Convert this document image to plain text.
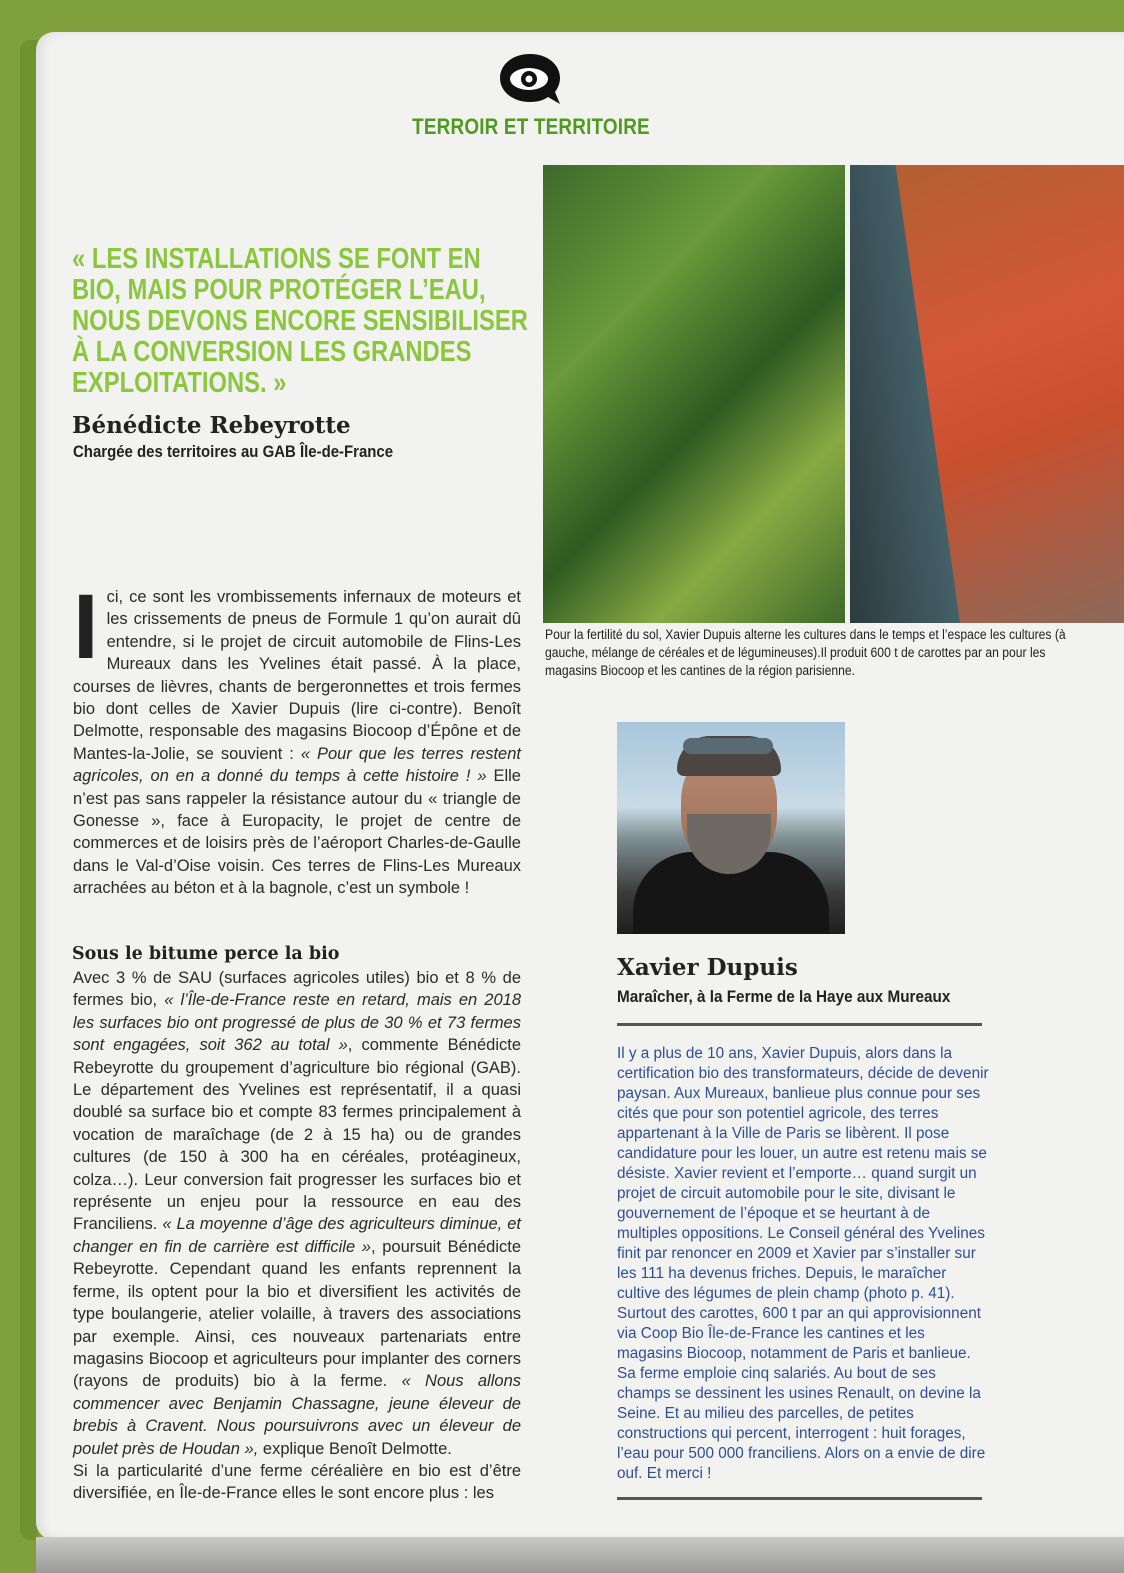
TERROIR ET TERRITOIRE
« LES INSTALLATIONS SE FONT EN BIO, MAIS POUR PROTÉGER L’EAU, NOUS DEVONS ENCORE SENSIBILISER À LA CONVERSION LES GRANDES EXPLOITATIONS. »
Bénédicte Rebeyrotte
Chargée des territoires au GAB Île-de-France
Pour la fertilité du sol, Xavier Dupuis alterne les cultures dans le temps et l’espace les cultures (à gauche, mélange de céréales et de légumineuses).Il produit 600 t de carottes par an pour les magasins Biocoop et les cantines de la région parisienne.
Ici, ce sont les vrombissements infernaux de moteurs et les crissements de pneus de Formule 1 qu’on aurait dû entendre, si le projet de circuit automobile de Flins-Les Mureaux dans les Yvelines était passé. À la place, courses de lièvres, chants de bergeronnettes et trois fermes bio dont celles de Xavier Dupuis (lire ci-contre). Benoît Delmotte, responsable des magasins Biocoop d’Épône et de Mantes-la-Jolie, se souvient : « Pour que les terres restent agricoles, on en a donné du temps à cette histoire ! » Elle n’est pas sans rappeler la résistance autour du « triangle de Gonesse », face à Europacity, le projet de centre de commerces et de loisirs près de l’aéroport Charles-de-Gaulle dans le Val-d’Oise voisin. Ces terres de Flins-Les Mureaux arrachées au béton et à la bagnole, c’est un symbole !
Sous le bitume perce la bio
Avec 3 % de SAU (surfaces agricoles utiles) bio et 8 % de fermes bio, « l’Île-de-France reste en retard, mais en 2018 les surfaces bio ont progressé de plus de 30 % et 73 fermes sont engagées, soit 362 au total », commente Bénédicte Rebeyrotte du groupement d’agriculture bio régional (GAB). Le département des Yvelines est représentatif, il a quasi doublé sa surface bio et compte 83 fermes principalement à vocation de maraîchage (de 2 à 15 ha) ou de grandes cultures (de 150 à 300 ha en céréales, protéagineux, colza…). Leur conversion fait progresser les surfaces bio et représente un enjeu pour la ressource en eau des Franciliens. « La moyenne d’âge des agriculteurs diminue, et changer en fin de carrière est difficile », poursuit Bénédicte Rebeyrotte. Cependant quand les enfants reprennent la ferme, ils optent pour la bio et diversifient les activités de type boulangerie, atelier volaille, à travers des associations par exemple. Ainsi, ces nouveaux partenariats entre magasins Biocoop et agriculteurs pour implanter des corners (rayons de produits) bio à la ferme. « Nous allons commencer avec Benjamin Chassagne, jeune éleveur de brebis à Cravent. Nous poursuivrons avec un éleveur de poulet près de Houdan », explique Benoît Delmotte.
Si la particularité d’une ferme céréalière en bio est d’être diversifiée, en Île-de-France elles le sont encore plus : les
Xavier Dupuis
Maraîcher, à la Ferme de la Haye aux Mureaux
Il y a plus de 10 ans, Xavier Dupuis, alors dans la certification bio des transformateurs, décide de devenir paysan. Aux Mureaux, banlieue plus connue pour ses cités que pour son potentiel agricole, des terres appartenant à la Ville de Paris se libèrent. Il pose candidature pour les louer, un autre est retenu mais se désiste. Xavier revient et l’emporte… quand surgit un projet de circuit automobile pour le site, divisant le gouvernement de l’époque et se heurtant à de multiples oppositions. Le Conseil général des Yvelines finit par renoncer en 2009 et Xavier par s’installer sur les 111 ha devenus friches. Depuis, le maraîcher cultive des légumes de plein champ (photo p. 41). Surtout des carottes, 600 t par an qui approvisionnent via Coop Bio Île-de-France les cantines et les magasins Biocoop, notamment de Paris et banlieue. Sa ferme emploie cinq salariés. Au bout de ses champs se dessinent les usines Renault, on devine la Seine. Et au milieu des parcelles, de petites constructions qui percent, interrogent : huit forages, l’eau pour 500 000 franciliens. Alors on a envie de dire ouf. Et merci !
